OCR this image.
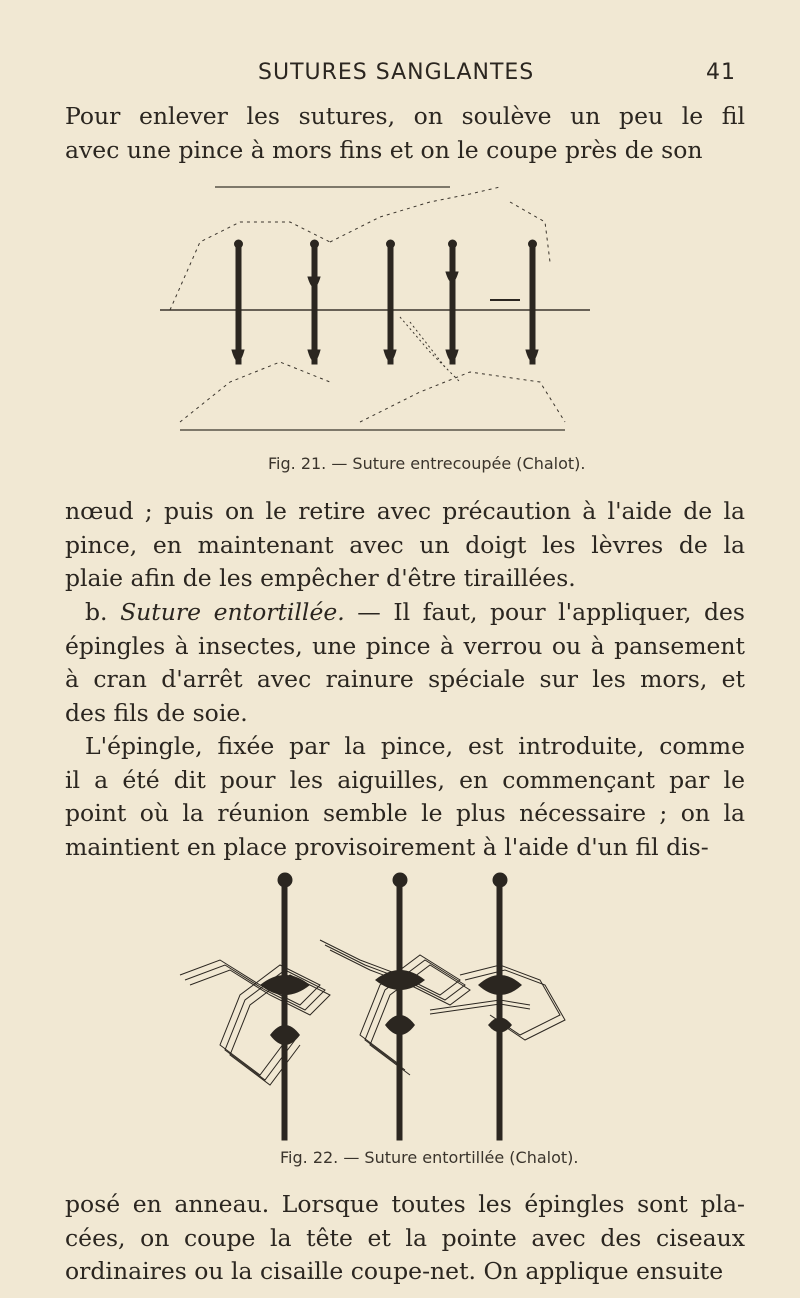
SUTURES SANGLANTES	41

Pour enlever les sutures, on soulève un peu le fil
avec une pince à mors fins et on le coupe près de son

Fig. 21. — Suture entrecoupée (Chalot).

nœud ; puis on le retire avec précaution à l'aide de la
pince, en maintenant avec un doigt les lèvres de la
plaie afin de les empêcher d'être tiraillées.

b. Suture entortillée. — Il faut, pour l'appliquer, des
épingles à insectes, une pince à verrou ou à pansement
à cran d'arrêt avec rainure spéciale sur les mors, et
des fils de soie.

L'épingle, fixée par la pince, est introduite, comme
il a été dit pour les aiguilles, en commençant par le
point où la réunion semble le plus nécessaire ; on la
maintient en place provisoirement à l'aide d'un fil dis-

Fig. 22. — Suture entortillée (Chalot).

posé en anneau. Lorsque toutes les épingles sont pla-
cées, on coupe la tête et la pointe avec des ciseaux
ordinaires ou la cisaille coupe-net. On applique ensuite
